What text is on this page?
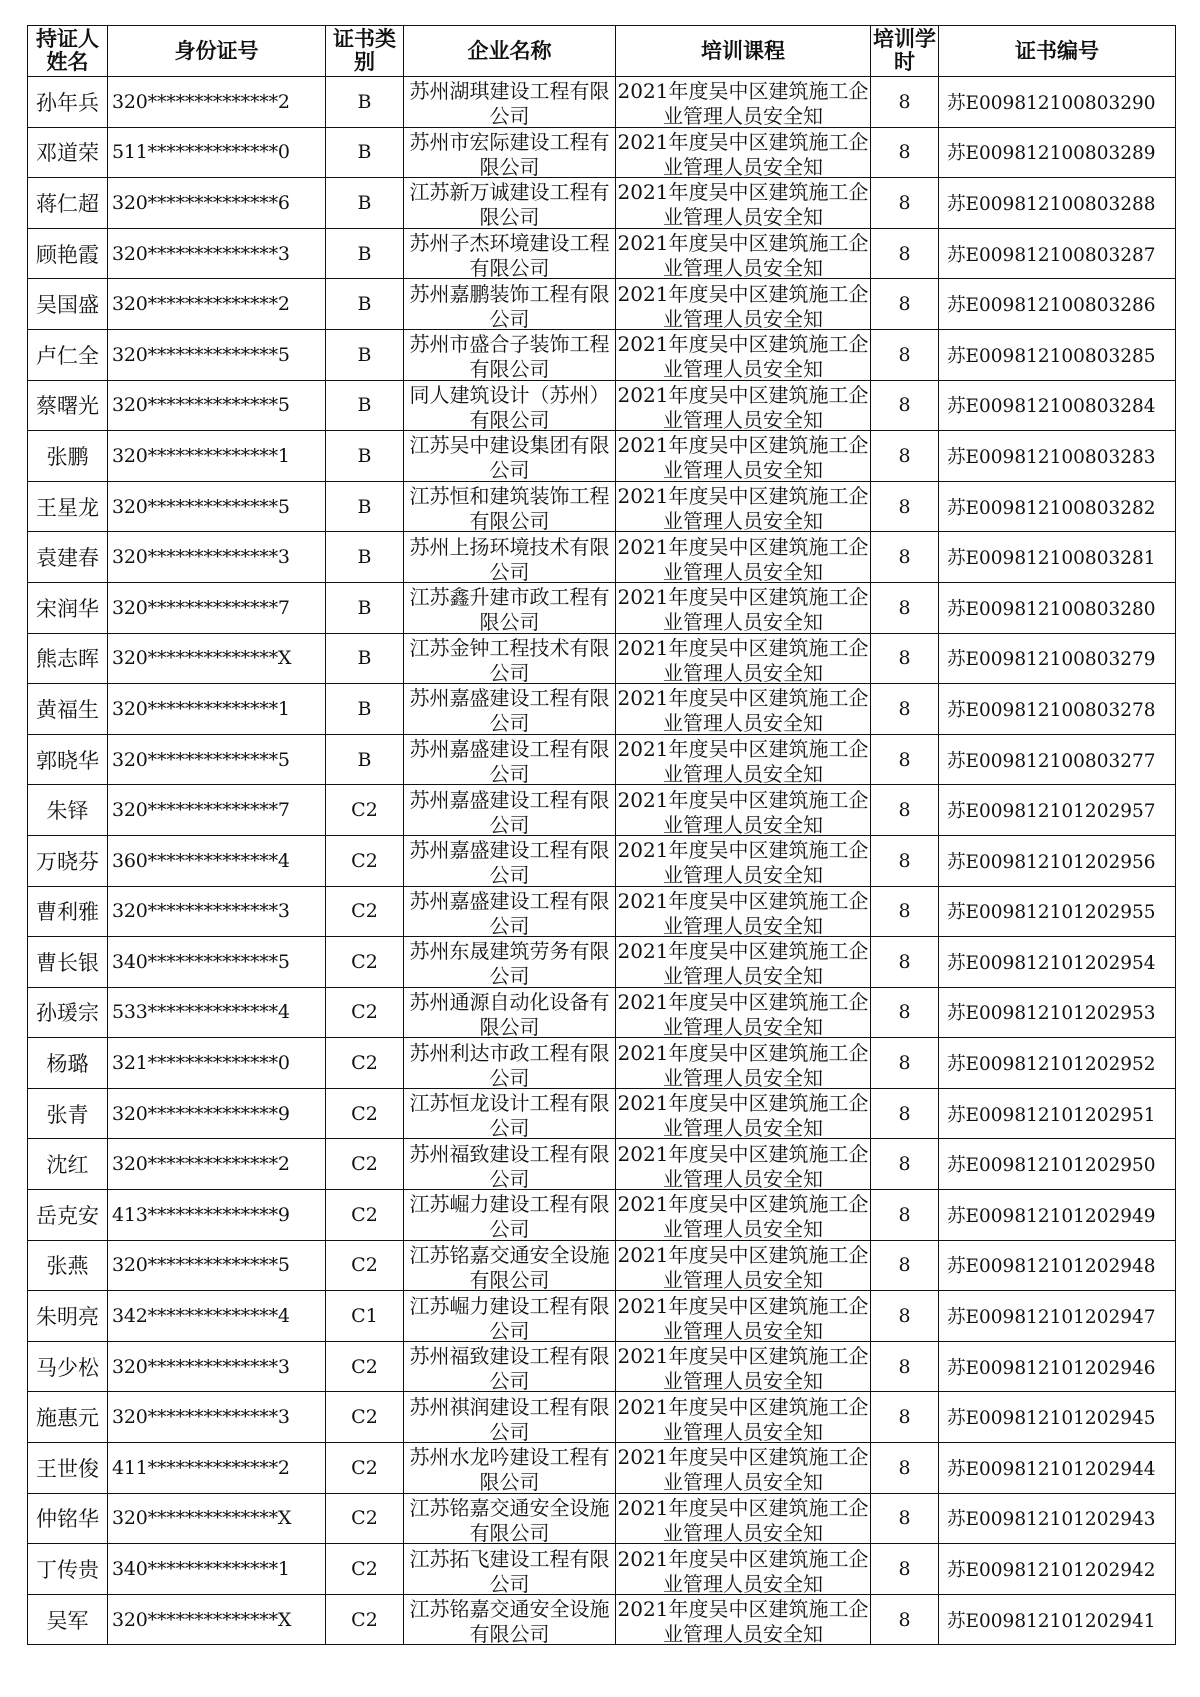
持证人姓名	身份证号	证书类别	企业名称	培训课程	培训学时	证书编号
孙年兵	320**************2	B	苏州湖琪建设工程有限公司	2021年度吴中区建筑施工企业管理人员安全知	8	苏E009812100803290
邓道荣	511**************0	B	苏州市宏际建设工程有限公司	2021年度吴中区建筑施工企业管理人员安全知	8	苏E009812100803289
蒋仁超	320**************6	B	江苏新万诚建设工程有限公司	2021年度吴中区建筑施工企业管理人员安全知	8	苏E009812100803288
顾艳霞	320**************3	B	苏州子杰环境建设工程有限公司	2021年度吴中区建筑施工企业管理人员安全知	8	苏E009812100803287
吴国盛	320**************2	B	苏州嘉鹏装饰工程有限公司	2021年度吴中区建筑施工企业管理人员安全知	8	苏E009812100803286
卢仁全	320**************5	B	苏州市盛合子装饰工程有限公司	2021年度吴中区建筑施工企业管理人员安全知	8	苏E009812100803285
蔡曙光	320**************5	B	同人建筑设计（苏州）有限公司	2021年度吴中区建筑施工企业管理人员安全知	8	苏E009812100803284
张鹏	320**************1	B	江苏吴中建设集团有限公司	2021年度吴中区建筑施工企业管理人员安全知	8	苏E009812100803283
王星龙	320**************5	B	江苏恒和建筑装饰工程有限公司	2021年度吴中区建筑施工企业管理人员安全知	8	苏E009812100803282
袁建春	320**************3	B	苏州上扬环境技术有限公司	2021年度吴中区建筑施工企业管理人员安全知	8	苏E009812100803281
宋润华	320**************7	B	江苏鑫升建市政工程有限公司	2021年度吴中区建筑施工企业管理人员安全知	8	苏E009812100803280
熊志晖	320**************X	B	江苏金钟工程技术有限公司	2021年度吴中区建筑施工企业管理人员安全知	8	苏E009812100803279
黄福生	320**************1	B	苏州嘉盛建设工程有限公司	2021年度吴中区建筑施工企业管理人员安全知	8	苏E009812100803278
郭晓华	320**************5	B	苏州嘉盛建设工程有限公司	2021年度吴中区建筑施工企业管理人员安全知	8	苏E009812100803277
朱铎	320**************7	C2	苏州嘉盛建设工程有限公司	2021年度吴中区建筑施工企业管理人员安全知	8	苏E009812101202957
万晓芬	360**************4	C2	苏州嘉盛建设工程有限公司	2021年度吴中区建筑施工企业管理人员安全知	8	苏E009812101202956
曹利雅	320**************3	C2	苏州嘉盛建设工程有限公司	2021年度吴中区建筑施工企业管理人员安全知	8	苏E009812101202955
曹长银	340**************5	C2	苏州东晟建筑劳务有限公司	2021年度吴中区建筑施工企业管理人员安全知	8	苏E009812101202954
孙瑗宗	533**************4	C2	苏州通源自动化设备有限公司	2021年度吴中区建筑施工企业管理人员安全知	8	苏E009812101202953
杨璐	321**************0	C2	苏州利达市政工程有限公司	2021年度吴中区建筑施工企业管理人员安全知	8	苏E009812101202952
张青	320**************9	C2	江苏恒龙设计工程有限公司	2021年度吴中区建筑施工企业管理人员安全知	8	苏E009812101202951
沈红	320**************2	C2	苏州福致建设工程有限公司	2021年度吴中区建筑施工企业管理人员安全知	8	苏E009812101202950
岳克安	413**************9	C2	江苏崛力建设工程有限公司	2021年度吴中区建筑施工企业管理人员安全知	8	苏E009812101202949
张燕	320**************5	C2	江苏铭嘉交通安全设施有限公司	2021年度吴中区建筑施工企业管理人员安全知	8	苏E009812101202948
朱明亮	342**************4	C1	江苏崛力建设工程有限公司	2021年度吴中区建筑施工企业管理人员安全知	8	苏E009812101202947
马少松	320**************3	C2	苏州福致建设工程有限公司	2021年度吴中区建筑施工企业管理人员安全知	8	苏E009812101202946
施惠元	320**************3	C2	苏州祺润建设工程有限公司	2021年度吴中区建筑施工企业管理人员安全知	8	苏E009812101202945
王世俊	411**************2	C2	苏州水龙吟建设工程有限公司	2021年度吴中区建筑施工企业管理人员安全知	8	苏E009812101202944
仲铭华	320**************X	C2	江苏铭嘉交通安全设施有限公司	2021年度吴中区建筑施工企业管理人员安全知	8	苏E009812101202943
丁传贵	340**************1	C2	江苏拓飞建设工程有限公司	2021年度吴中区建筑施工企业管理人员安全知	8	苏E009812101202942
吴军	320**************X	C2	江苏铭嘉交通安全设施有限公司	2021年度吴中区建筑施工企业管理人员安全知	8	苏E009812101202941
